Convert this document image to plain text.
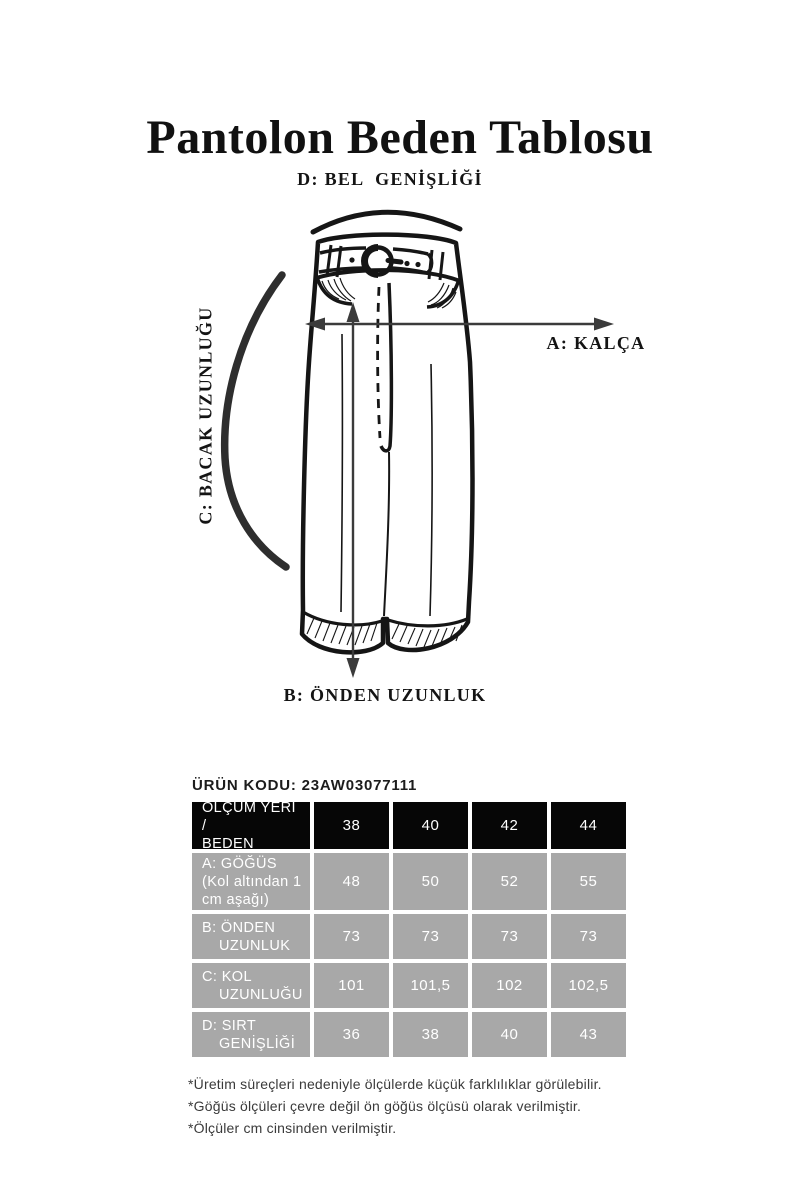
Pantolon Beden Tablosu
D: BEL  GENİŞLİĞİ
A: KALÇA
C: BACAK UZUNLUĞU
B: ÖNDEN UZUNLUK
ÜRÜN KODU: 23AW03077111
ÖLÇÜM YERİ /
BEDEN
38	40	42	44
A: GÖĞÜS
(Kol altından 1
cm aşağı)
48	50	52	55
B: ÖNDEN
UZUNLUK
73	73	73	73
C: KOL
UZUNLUĞU
101	101,5	102	102,5
D: SIRT
GENİŞLİĞİ
36	38	40	43
*Üretim süreçleri nedeniyle ölçülerde küçük farklılıklar görülebilir.
*Göğüs ölçüleri çevre değil ön göğüs ölçüsü olarak verilmiştir.
*Ölçüler cm cinsinden verilmiştir.
